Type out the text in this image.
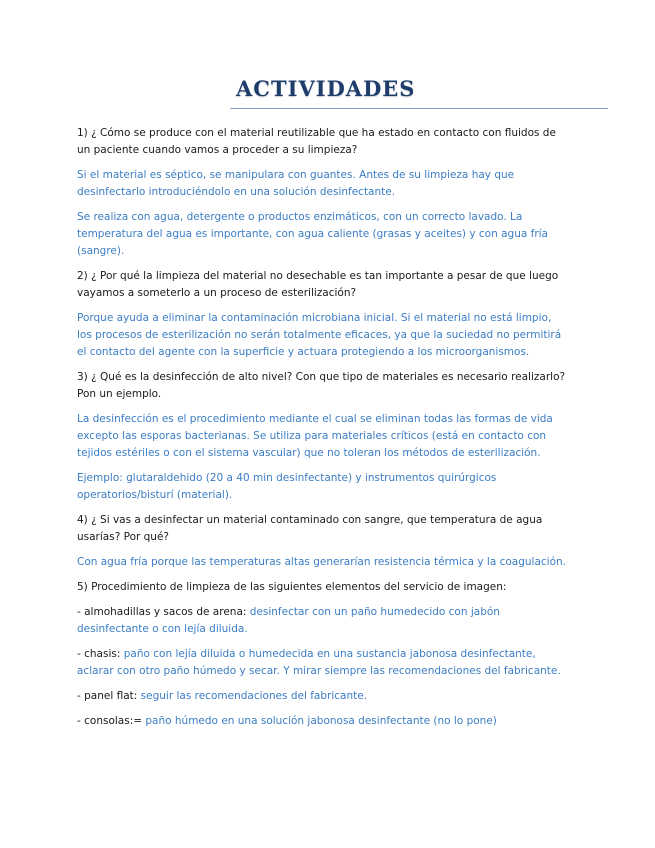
ACTIVIDADES

1) ¿ Cómo se produce con el material reutilizable que ha estado en contacto con fluidos de un paciente cuando vamos a proceder a su limpieza?

Si el material es séptico, se manipulara con guantes. Antes de su limpieza hay que desinfectarlo introduciéndolo en una solución desinfectante.

Se realiza con agua, detergente o productos enzimáticos, con un correcto lavado. La temperatura del agua es importante, con agua caliente (grasas y aceites) y con agua fría (sangre).

2) ¿ Por qué la limpieza del material no desechable es tan importante a pesar de que luego vayamos a someterlo a un proceso de esterilización?

Porque ayuda a eliminar la contaminación microbiana inicial. Si el material no está limpio, los procesos de esterilización no serán totalmente eficaces, ya que la suciedad no permitirá el contacto del agente con la superficie y actuara protegiendo a los microorganismos.

3) ¿ Qué es la desinfección de alto nivel? Con que tipo de materiales es necesario realizarlo? Pon un ejemplo.

La desinfección es el procedimiento mediante el cual se eliminan todas las formas de vida excepto las esporas bacterianas. Se utiliza para materiales críticos (está en contacto con tejidos estériles o con el sistema vascular) que no toleran los métodos de esterilización.

Ejemplo: glutaraldehido (20 a 40 min desinfectante) y instrumentos quirúrgicos operatorios/bisturí (material).

4) ¿ Si vas a desinfectar un material contaminado con sangre, que temperatura de agua usarías? Por qué?

Con agua fría porque las temperaturas altas generarían resistencia térmica y la coagulación.

5) Procedimiento de limpieza de las siguientes elementos del servicio de imagen:

- almohadillas y sacos de arena: desinfectar con un paño humedecido con jabón desinfectante o con lejía diluida.

- chasis: paño con lejía diluida o humedecida en una sustancia jabonosa desinfectante, aclarar con otro paño húmedo y secar. Y mirar siempre las recomendaciones del fabricante.

- panel flat: seguir las recomendaciones del fabricante.

- consolas:= paño húmedo en una solución jabonosa desinfectante (no lo pone)
